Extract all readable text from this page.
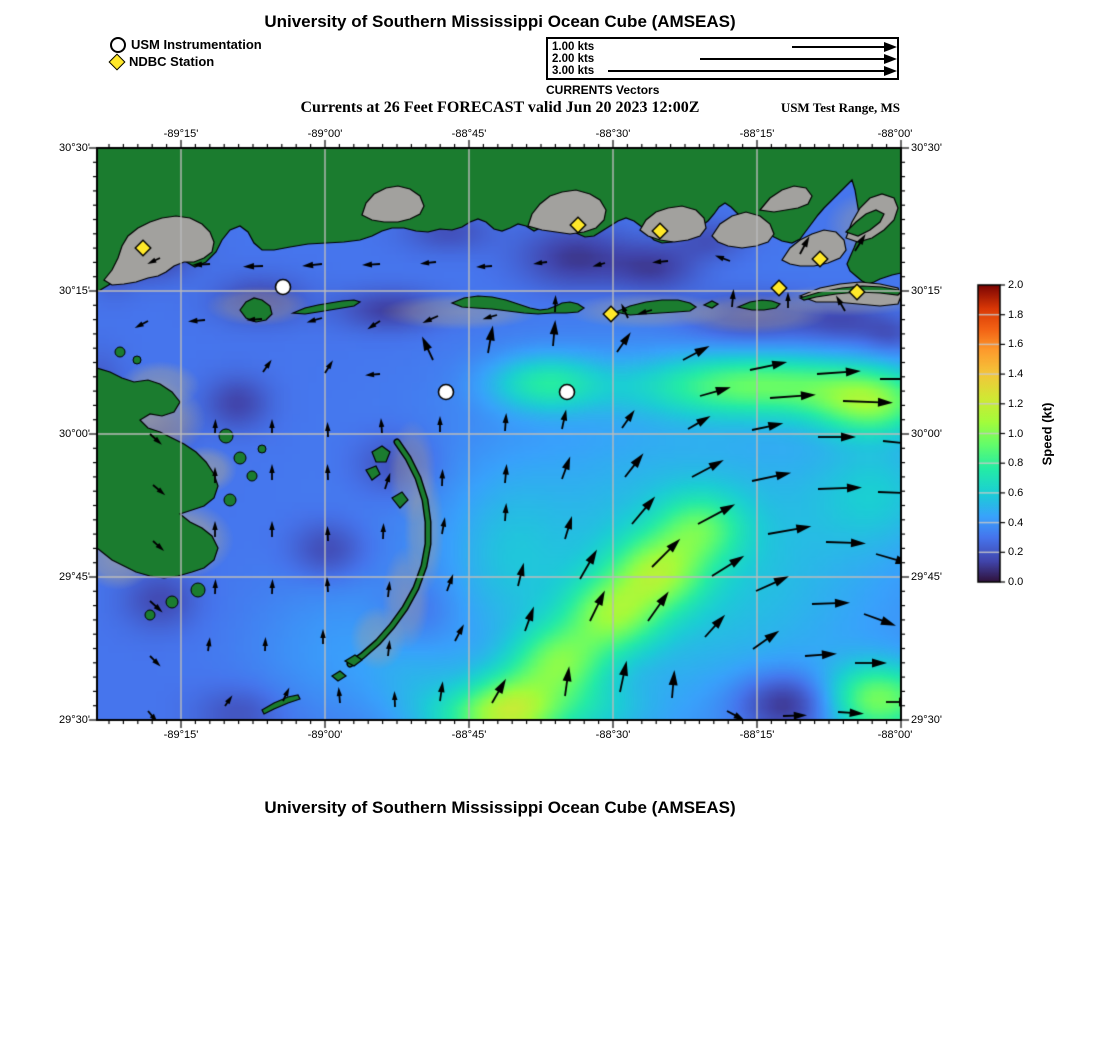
University of Southern Mississippi Ocean Cube (AMSEAS)
USM Instrumentation
NDBC Station
1.00 kts
2.00 kts
3.00 kts
CURRENTS Vectors
Currents at 26 Feet FORECAST valid Jun 20 2023 12:00Z	USM Test Range, MS
Speed (kt)
-89°15'
-89°15'
-89°00'
-89°00'
-88°45'
-88°45'
-88°30'
-88°30'
-88°15'
-88°15'
-88°00'
-88°00'
30°30'	30°30'
30°15'	30°15'
30°00'	30°00'
29°45'	29°45'
29°30'	29°30'
0.0
0.2
0.4
0.6
0.8
1.0
1.2
1.4
1.6
1.8
2.0
University of Southern Mississippi Ocean Cube (AMSEAS)
